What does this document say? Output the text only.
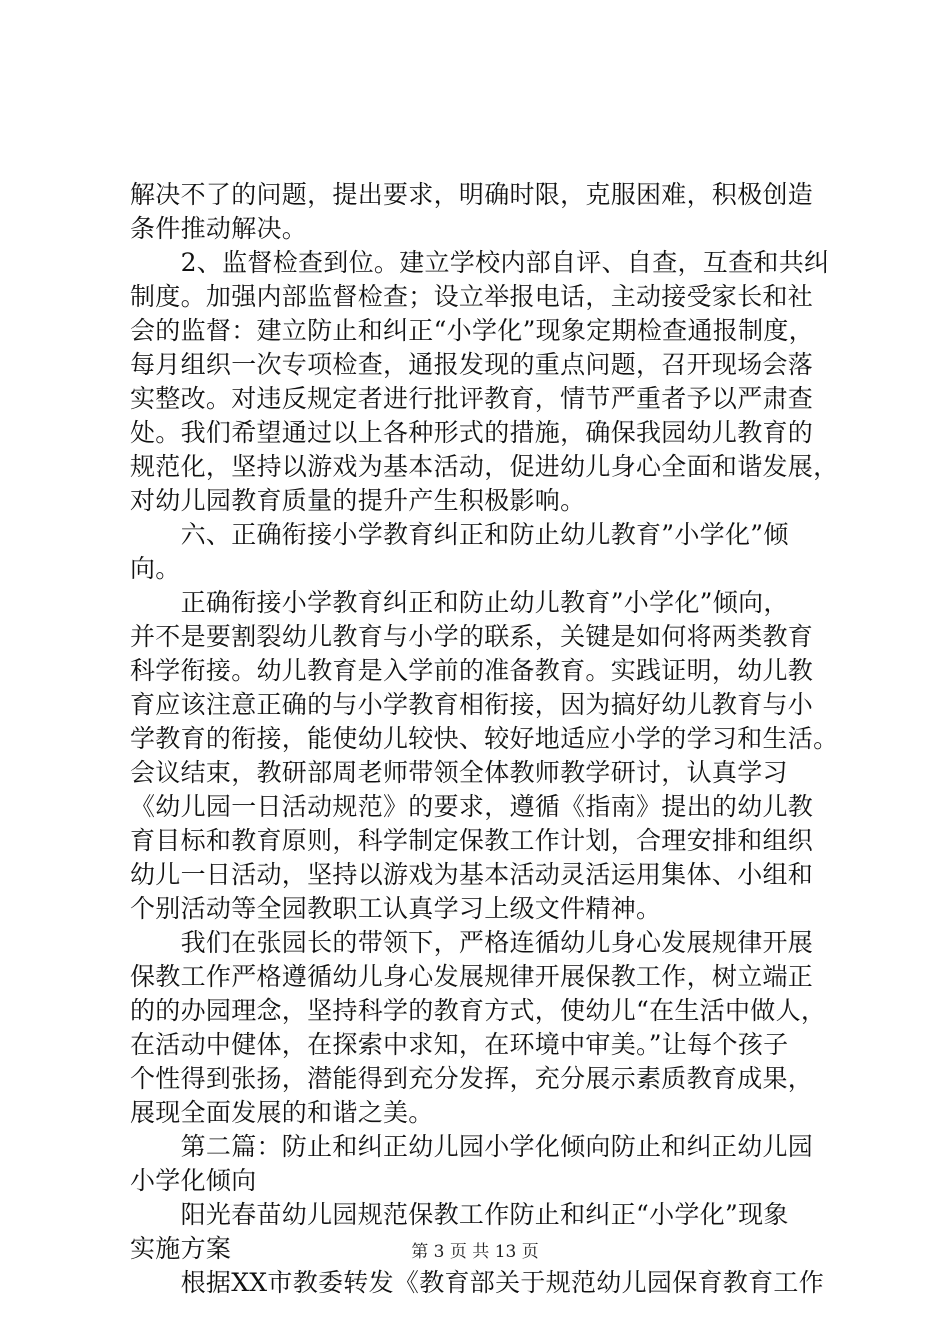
解决不了的问题，提出要求，明确时限，克服困难，积极创造
条件推动解决。
　　2、监督检查到位。建立学校内部自评、自查，互查和共纠
制度。加强内部监督检查；设立举报电话，主动接受家长和社
会的监督：建立防止和纠正“小学化”现象定期检查通报制度，
每月组织一次专项检查，通报发现的重点问题，召开现场会落
实整改。对违反规定者进行批评教育，情节严重者予以严肃查
处。我们希望通过以上各种形式的措施，确保我园幼儿教育的
规范化，坚持以游戏为基本活动，促进幼儿身心全面和谐发展，
对幼儿园教育质量的提升产生积极影响。
　　六、正确衔接小学教育纠正和防止幼儿教育”小学化”倾
向。
　　正确衔接小学教育纠正和防止幼儿教育”小学化”倾向，
并不是要割裂幼儿教育与小学的联系，关键是如何将两类教育
科学衔接。幼儿教育是入学前的准备教育。实践证明，幼儿教
育应该注意正确的与小学教育相衔接，因为搞好幼儿教育与小
学教育的衔接，能使幼儿较快、较好地适应小学的学习和生活。
会议结束，教研部周老师带领全体教师教学研讨，认真学习
《幼儿园一日活动规范》的要求，遵循《指南》提出的幼儿教
育目标和教育原则，科学制定保教工作计划，合理安排和组织
幼儿一日活动，坚持以游戏为基本活动灵活运用集体、小组和
个别活动等全园教职工认真学习上级文件精神。
　　我们在张园长的带领下，严格连循幼儿身心发展规律开展
保教工作严格遵循幼儿身心发展规律开展保教工作，树立端正
的的办园理念，坚持科学的教育方式，使幼儿“在生活中做人，
在活动中健体，在探索中求知，在环境中审美。”让每个孩子
个性得到张扬，潜能得到充分发挥，充分展示素质教育成果，
展现全面发展的和谐之美。
　　第二篇：防止和纠正幼儿园小学化倾向防止和纠正幼儿园
小学化倾向
　　阳光春苗幼儿园规范保教工作防止和纠正“小学化”现象
实施方案
　　根据XX市教委转发《教育部关于规范幼儿园保育教育工作
第 3 页 共 13 页
